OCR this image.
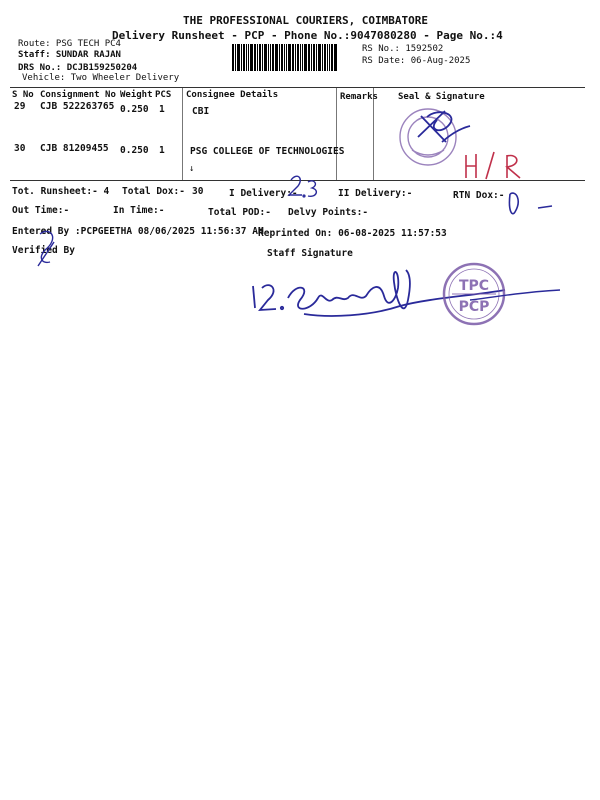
THE PROFESSIONAL COURIERS, COIMBATORE
Delivery Runsheet - PCP - Phone No.:9047080280 - Page No.:4
Route: PSG TECH PC4
Staff: SUNDAR RAJAN
DRS No.: DCJB159250204
Vehicle: Two Wheeler Delivery
RS No.: 1592502
RS Date: 06-Aug-2025
S No Consignment No Weight PCS Consignee Details	Remarks Seal & Signature
29 CJB 522263765 0.250 1	CBI
30 CJB 81209455 0.250 1	PSG COLLEGE OF TECHNOLOGIES
↓
Tot. Runsheet:- 4 Total Dox:- 30	I Delivery:-	II Delivery:-	RTN Dox:-
Out Time:-	In Time:-	Total POD:- Delvy Points:-
Entered By :PCPGEETHA 08/06/2025 11:56:37 AM
Reprinted On: 06-08-2025 11:57:53
Verified By	Staff Signature
TPC
PCP
